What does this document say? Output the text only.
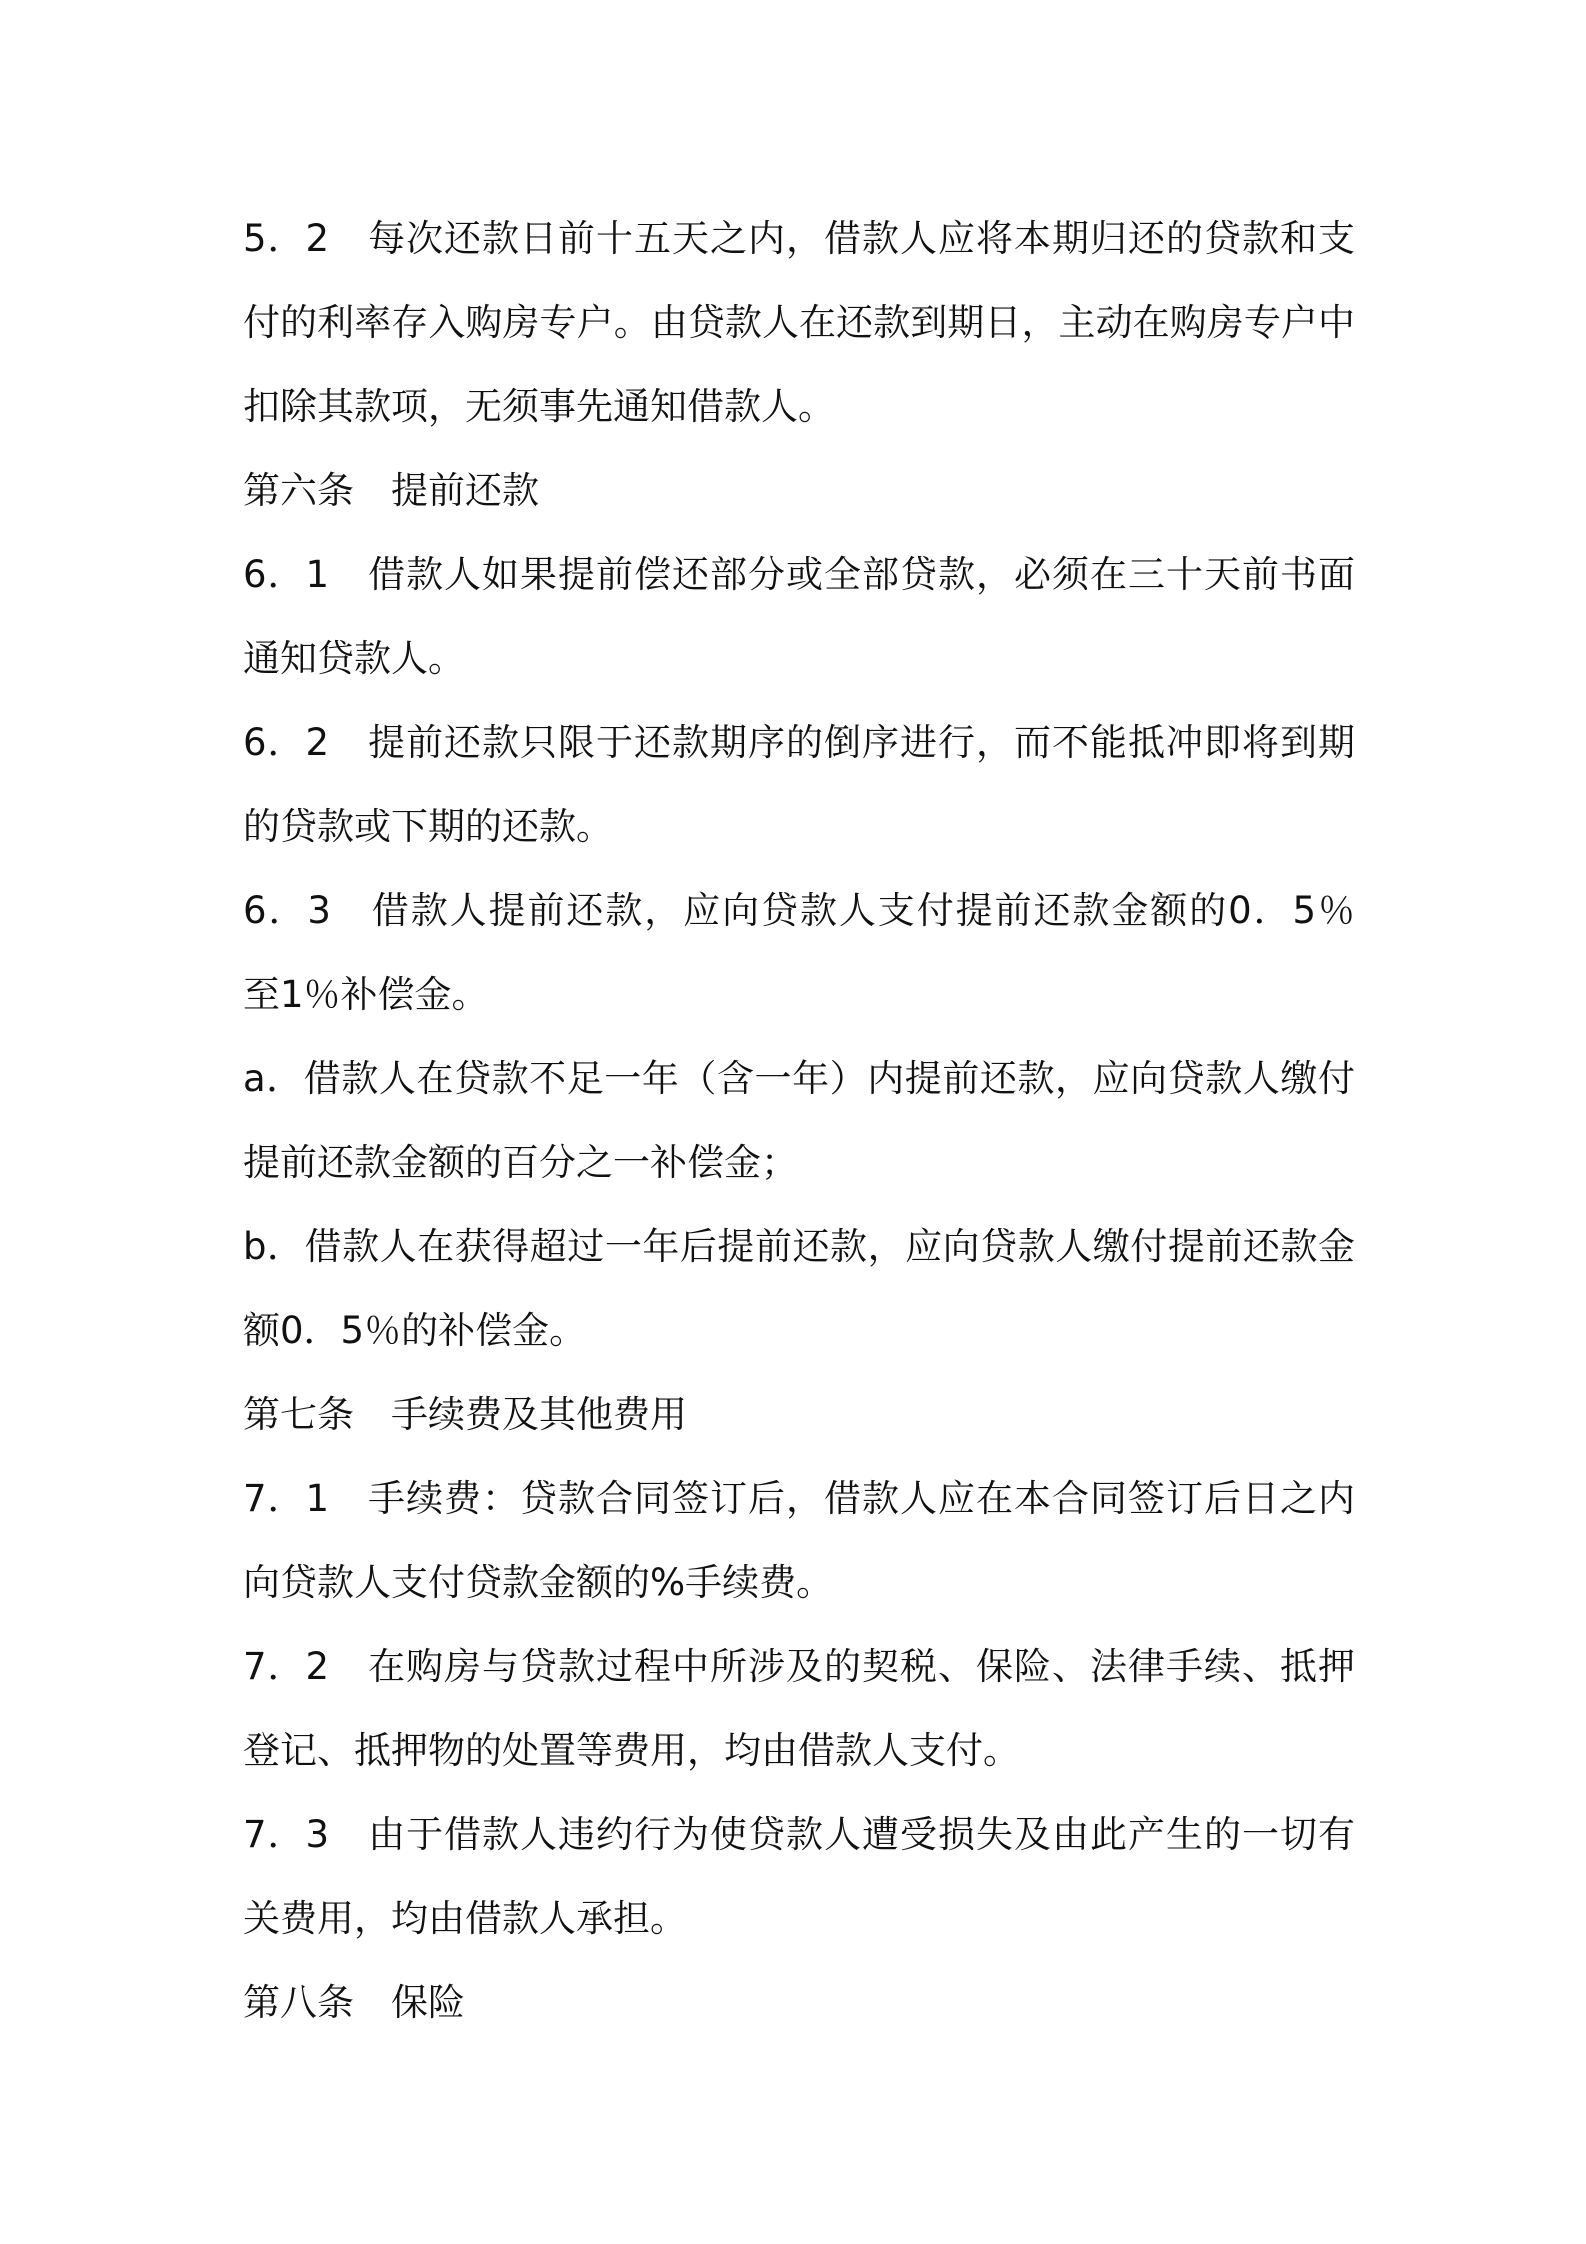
5．2　每次还款日前十五天之内，借款人应将本期归还的贷款和支
付的利率存入购房专户。由贷款人在还款到期日，主动在购房专户中
扣除其款项，无须事先通知借款人。
第六条　提前还款
6．1　借款人如果提前偿还部分或全部贷款，必须在三十天前书面
通知贷款人。
6．2　提前还款只限于还款期序的倒序进行，而不能抵冲即将到期
的贷款或下期的还款。
6．3　借款人提前还款，应向贷款人支付提前还款金额的0．5％
至1％补偿金。
a．借款人在贷款不足一年（含一年）内提前还款，应向贷款人缴付
提前还款金额的百分之一补偿金；
b．借款人在获得超过一年后提前还款，应向贷款人缴付提前还款金
额0．5％的补偿金。
第七条　手续费及其他费用
7．1　手续费：贷款合同签订后，借款人应在本合同签订后日之内
向贷款人支付贷款金额的%手续费。
7．2　在购房与贷款过程中所涉及的契税、保险、法律手续、抵押
登记、抵押物的处置等费用，均由借款人支付。
7．3　由于借款人违约行为使贷款人遭受损失及由此产生的一切有
关费用，均由借款人承担。
第八条　保险
